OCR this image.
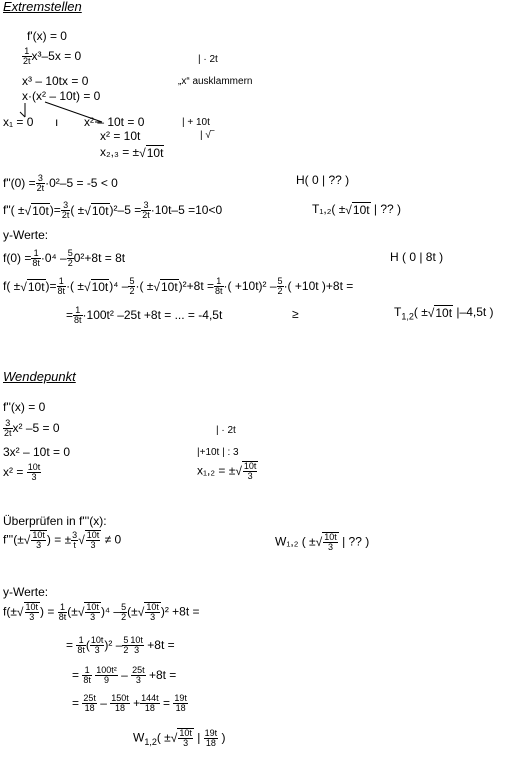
Extremstellen
f'(x) = 0
$\frac{1}{2t} x^3-5x = 0$	| · 2t
x³ – 10tx = 0	„x“ ausklammern
x·(x² – 10t) = 0
x₁ = 0 ı x² – 10t = 0	| + 10t
x² = 10t	| √‾
x₂,₃ = ± √ 10t
f"(0) = $\frac{3}{2t} \cdot 0^2-5 = -5 < 0$	H( 0 | ?? )
f"( ± √ $10t)= \frac{3}{2t}$ ( ± √ $10t)^2-5 = \frac{3}{2t} \cdot 10t-5 =10<0$	T₁,₂( ± √ 10t | ?? )
y-Werte:
$f(0) = \frac{1}{8t} \cdot 0^4 - \frac{5}{2} 0^2+8t = 8t$	H ( 0 | 8t )
f( ± √ $10t)= \frac{1}{8t}$ ·( ± √ $10t)^4 - \frac{5}{2}$ ·( ± √ $10t)^2+8t = \frac{1}{8t}$ ·( $+10t)^2 - \frac{5}{2}$ ·( +10t )+8t =
= $\frac{1}{8t} \cdot 100t^2$ –25t +8t = ... = -4,5t	≥	$T_{1,2}$( ± √ 10t |–4,5t )
Wendepunkt
f''(x) = 0
$\frac{3}{2t} x^2$ –5 = 0	| · 2t
3x² – 10t = 0	|+10t | : 3
$x^2 = \frac{10t}{3}$	x₁,₂ = ± √ $\frac{10t}{3}$
Überprüfen in f'''(x):
f'''(± √ $\frac{10t}{3}$ ) = ± $\frac{3}{t}$ √ $\frac{10t}{3} \ne 0$	W₁,₂ ( ± √ $\frac{10t}{3}$ | ?? )
y-Werte:
f(± √ $\frac{10t}{3}$ ) = $\frac{1}{8t}$ (± √ $\frac{10t}{3} )^4 - \frac{5}{2}$ (± √ $\frac{10t}{3} )^2 +8t$ =
= $\frac{1}{8t}$ ( $\frac{10t}{3} )^2 - \frac{5}{2} \frac{10t}{3} +8t$ =
= $\frac{1}{8t}$
$\frac{\text{100t²}}{9} - \frac{25t}{3} +8t$ =
= $\frac{25t}{18} - \frac{150t}{18} + \frac{144t}{18} = \frac{19t}{18}$
$W_{1,2}$( ± √ $\frac{10t}{3}$ | $\frac{19t}{18}$ )
